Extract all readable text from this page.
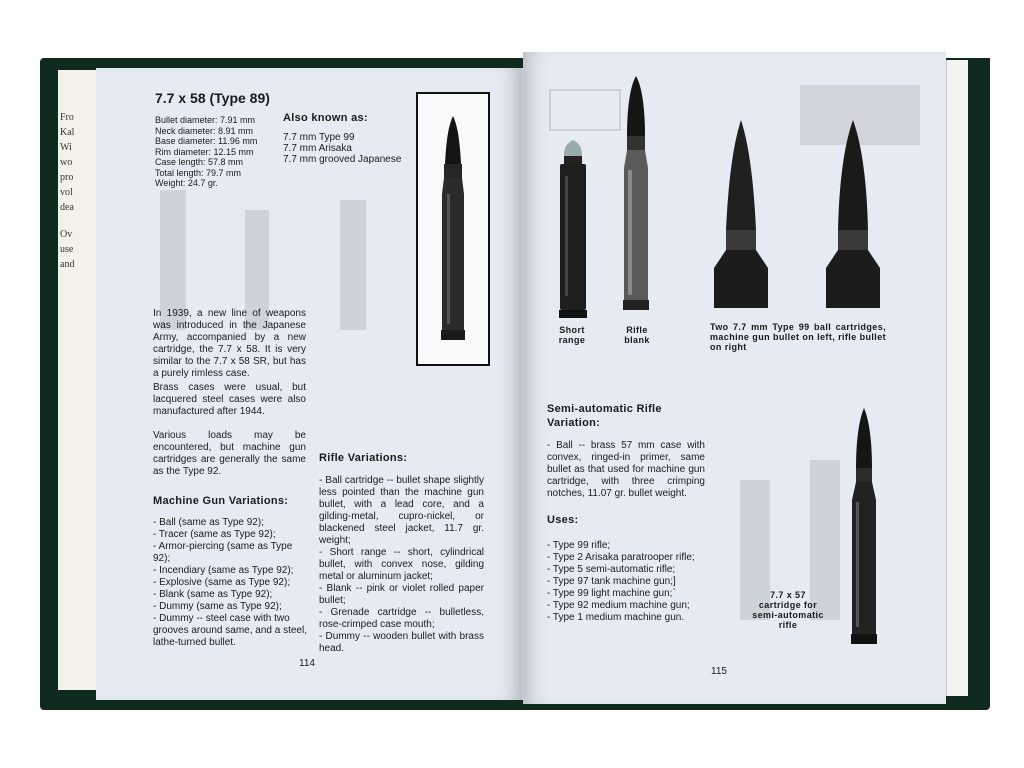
Fro
Kal
Wi
wo
pro
vol
dea
Ov
use
and
7.7 x 58 (Type 89)
Bullet diameter: 7.91 mm
Neck diameter: 8.91 mm
Base diameter: 11.96 mm
Rim diameter: 12.15 mm
Case length: 57.8 mm
Total length: 79.7 mm
Weight: 24.7 gr.
Also known as:
7.7 mm Type 99
7.7 mm Arisaka
7.7 mm grooved Japanese
In 1939, a new line of weapons was introduced in the Japanese Army, accompanied by a new cartridge, the 7.7 x 58. It is very similar to the 7.7 x 58 SR, but has a purely rimless case.
Brass cases were usual, but lacquered steel cases were also manufactured after 1944.
Various loads may be encountered, but machine gun cartridges are generally the same as the Type 92.
Machine Gun Variations:
- Ball (same as Type 92);
- Tracer (same as Type 92);
- Armor-piercing (same as Type 92);
- Incendiary (same as Type 92);
- Explosive (same as Type 92);
- Blank (same as Type 92);
- Dummy (same as Type 92);
- Dummy -- steel case with two grooves around same, and a steel, lathe-turned bullet.
Rifle Variations:
- Ball cartridge -- bullet shape slightly less pointed than the machine gun bullet, with a lead core, and a gilding-metal, cupro-nickel, or blackened steel jacket, 11.7 gr. weight;
- Short range -- short, cylindrical bullet, with convex nose, gilding metal or aluminum jacket;
- Blank -- pink or violet rolled paper bullet;
- Grenade cartridge -- bulletless, rose-crimped case mouth;
- Dummy -- wooden bullet with brass head.
114
Short range
Rifle blank
Two 7.7 mm Type 99 ball cartridges, machine gun bullet on left, rifle bullet on right
Semi-automatic Rifle Variation:
- Ball -- brass 57 mm case with convex, ringed-in primer, same bullet as that used for machine gun cartridge, with three crimping notches, 11.07 gr. bullet weight.
Uses:
- Type 99 rifle;
- Type 2 Arisaka paratrooper rifle;
- Type 5 semi-automatic rifle;
- Type 97 tank machine gun;]
- Type 99 light machine gun;`
- Type 92 medium machine gun;
- Type 1 medium machine gun.
7.7 x 57 cartridge for semi-automatic rifle
115
